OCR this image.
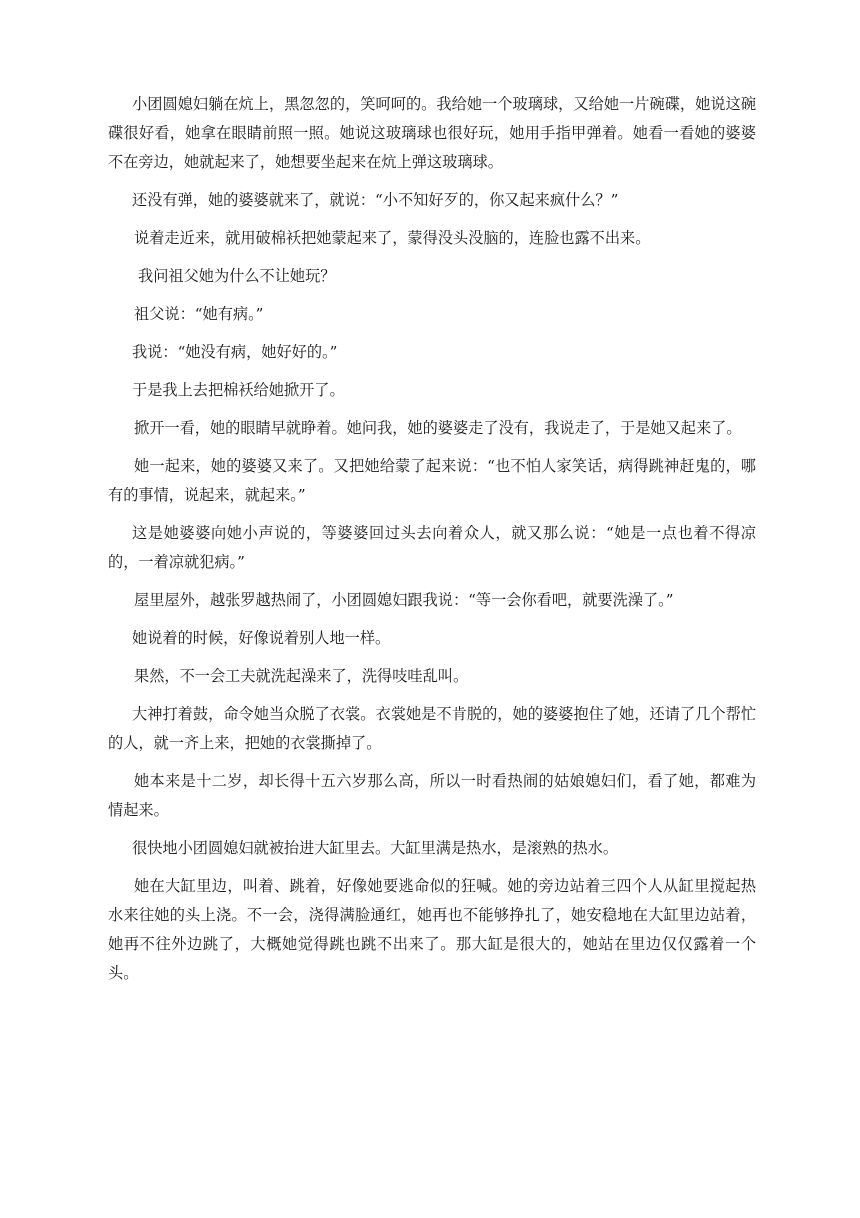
小团圆媳妇躺在炕上，黑忽忽的，笑呵呵的。我给她一个玻璃球，又给她一片碗碟，她说这碗碟很好看，她拿在眼睛前照一照。她说这玻璃球也很好玩，她用手指甲弹着。她看一看她的婆婆不在旁边，她就起来了，她想要坐起来在炕上弹这玻璃球。

还没有弹，她的婆婆就来了，就说：“小不知好歹的，你又起来疯什么？”

说着走近来，就用破棉袄把她蒙起来了，蒙得没头没脑的，连脸也露不出来。

我问祖父她为什么不让她玩？

祖父说：“她有病。”

我说：“她没有病，她好好的。”

于是我上去把棉袄给她掀开了。

掀开一看，她的眼睛早就睁着。她问我，她的婆婆走了没有，我说走了，于是她又起来了。

她一起来，她的婆婆又来了。又把她给蒙了起来说：“也不怕人家笑话，病得跳神赶鬼的，哪有的事情，说起来，就起来。”

这是她婆婆向她小声说的，等婆婆回过头去向着众人，就又那么说：“她是一点也着不得凉的，一着凉就犯病。”

屋里屋外，越张罗越热闹了，小团圆媳妇跟我说：“等一会你看吧，就要洗澡了。”

她说着的时候，好像说着别人地一样。

果然，不一会工夫就洗起澡来了，洗得吱哇乱叫。

大神打着鼓，命令她当众脱了衣裳。衣裳她是不肯脱的，她的婆婆抱住了她，还请了几个帮忙的人，就一齐上来，把她的衣裳撕掉了。

她本来是十二岁，却长得十五六岁那么高，所以一时看热闹的姑娘媳妇们，看了她，都难为情起来。

很快地小团圆媳妇就被抬进大缸里去。大缸里满是热水，是滚熟的热水。

她在大缸里边，叫着、跳着，好像她要逃命似的狂喊。她的旁边站着三四个人从缸里搅起热水来往她的头上浇。不一会，浇得满脸通红，她再也不能够挣扎了，她安稳地在大缸里边站着，她再不往外边跳了，大概她觉得跳也跳不出来了。那大缸是很大的，她站在里边仅仅露着一个头。
